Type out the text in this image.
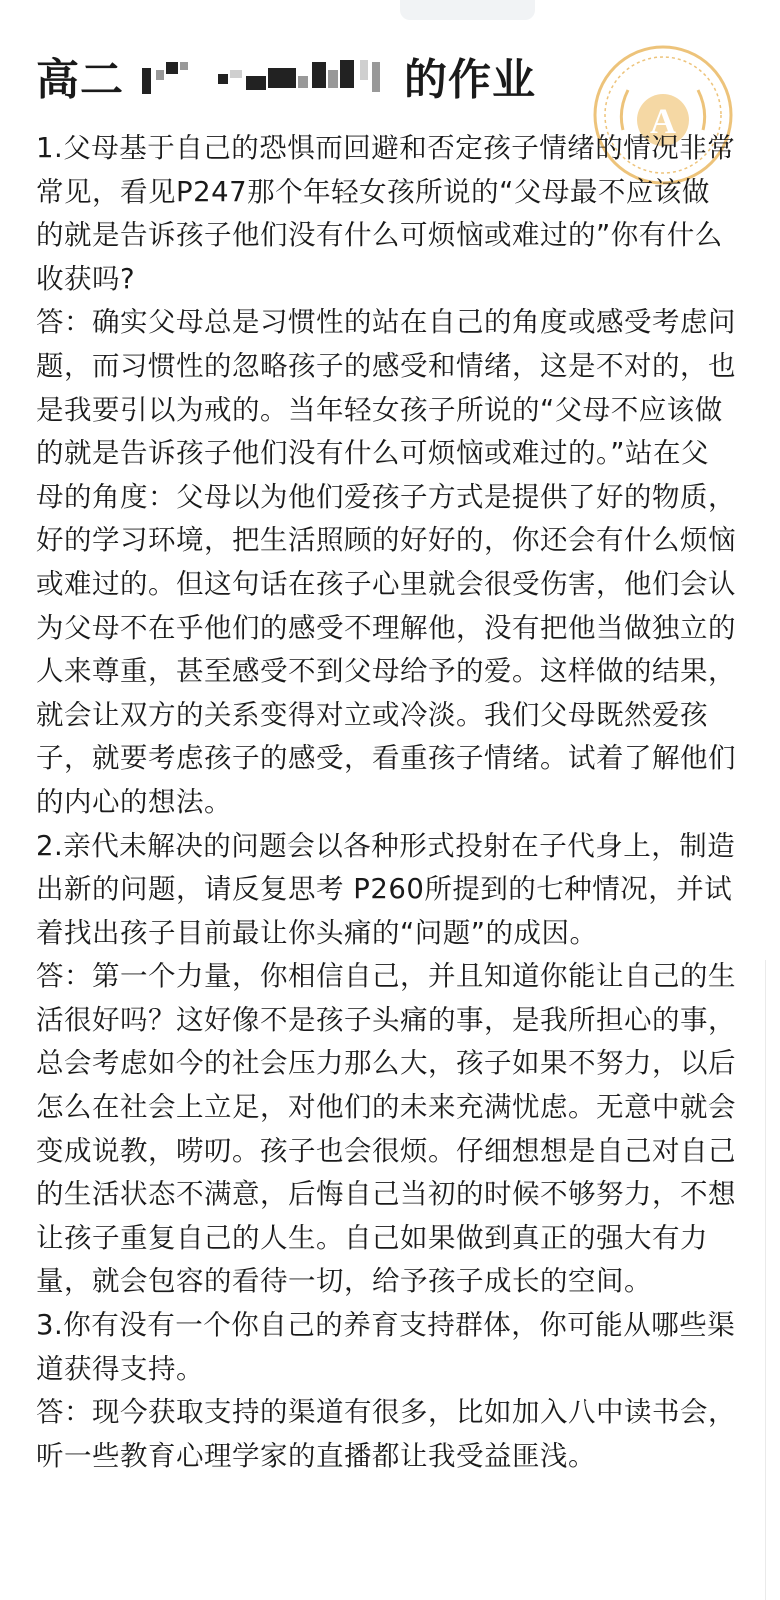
高二	的作业
A

1.父母基于自己的恐惧而回避和否定孩子情绪的情况非常常见，看见P247那个年轻女孩所说的“父母最不应该做的就是告诉孩子他们没有什么可烦恼或难过的”你有什么收获吗?

答：确实父母总是习惯性的站在自己的角度或感受考虑问题，而习惯性的忽略孩子的感受和情绪，这是不对的，也是我要引以为戒的。当年轻女孩子所说的“父母不应该做的就是告诉孩子他们没有什么可烦恼或难过的。”站在父母的角度：父母以为他们爱孩子方式是提供了好的物质，好的学习环境，把生活照顾的好好的，你还会有什么烦恼或难过的。但这句话在孩子心里就会很受伤害，他们会认为父母不在乎他们的感受不理解他，没有把他当做独立的人来尊重，甚至感受不到父母给予的爱。这样做的结果，就会让双方的关系变得对立或冷淡。我们父母既然爱孩子，就要考虑孩子的感受，看重孩子情绪。试着了解他们的内心的想法。

2.亲代未解决的问题会以各种形式投射在子代身上，制造出新的问题，请反复思考 P260所提到的七种情况，并试着找出孩子目前最让你头痛的“问题”的成因。

答：第一个力量，你相信自己，并且知道你能让自己的生活很好吗？这好像不是孩子头痛的事，是我所担心的事，总会考虑如今的社会压力那么大，孩子如果不努力，以后怎么在社会上立足，对他们的未来充满忧虑。无意中就会变成说教，唠叨。孩子也会很烦。仔细想想是自己对自己的生活状态不满意，后悔自己当初的时候不够努力，不想让孩子重复自己的人生。自己如果做到真正的强大有力量，就会包容的看待一切，给予孩子成长的空间。

3.你有没有一个你自己的养育支持群体，你可能从哪些渠道获得支持。

答：现今获取支持的渠道有很多，比如加入八中读书会，听一些教育心理学家的直播都让我受益匪浅。
